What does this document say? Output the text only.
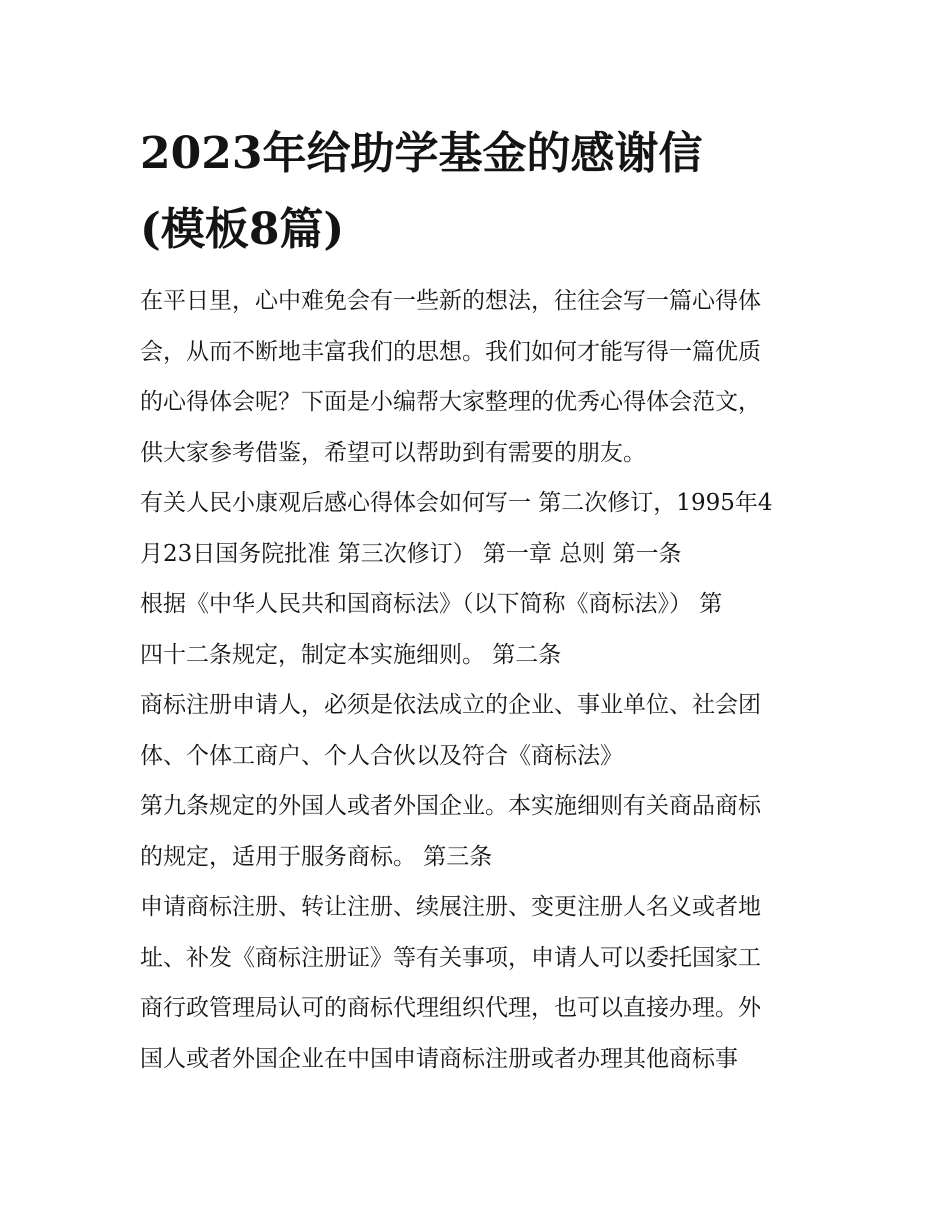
2023年给助学基金的感谢信
(模板8篇)
在平日里，心中难免会有一些新的想法，往往会写一篇心得体
会，从而不断地丰富我们的思想。我们如何才能写得一篇优质
的心得体会呢？下面是小编帮大家整理的优秀心得体会范文，
供大家参考借鉴，希望可以帮助到有需要的朋友。
有关人民小康观后感心得体会如何写一 第二次修订，1995年4
月23日国务院批准 第三次修订） 第一章 总则 第一条
根据《中华人民共和国商标法》（以下简称《商标法》） 第
四十二条规定，制定本实施细则。 第二条
商标注册申请人，必须是依法成立的企业、事业单位、社会团
体、个体工商户、个人合伙以及符合《商标法》
第九条规定的外国人或者外国企业。本实施细则有关商品商标
的规定，适用于服务商标。 第三条
申请商标注册、转让注册、续展注册、变更注册人名义或者地
址、补发《商标注册证》等有关事项，申请人可以委托国家工
商行政管理局认可的商标代理组织代理，也可以直接办理。外
国人或者外国企业在中国申请商标注册或者办理其他商标事
